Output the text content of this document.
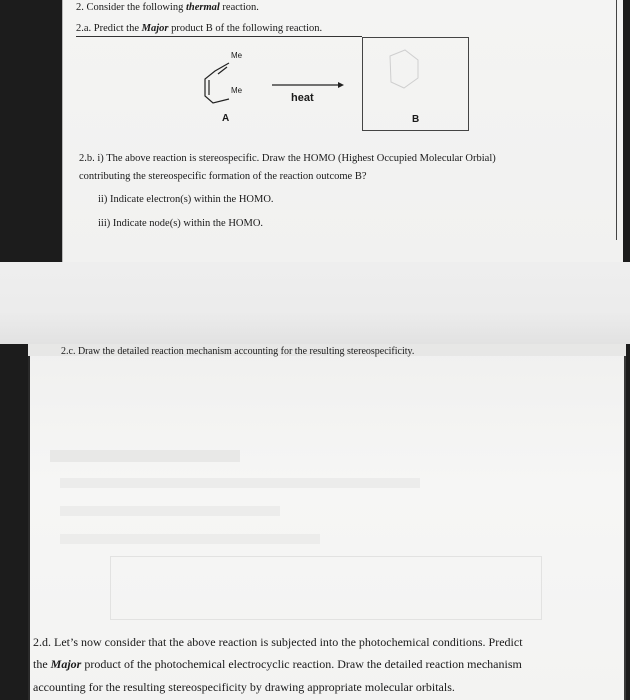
2. Consider the following thermal reaction.
2.a. Predict the Major product B of the following reaction.
Me
Me
heat
A	B
2.b. i) The above reaction is stereospecific. Draw the HOMO (Highest Occupied Molecular Orbial)
contributing the stereospecific formation of the reaction outcome B?
ii) Indicate electron(s) within the HOMO.
iii) Indicate node(s) within the HOMO.
2.c. Draw the detailed reaction mechanism accounting for the resulting stereospecificity.
2.d. Let’s now consider that the above reaction is subjected into the photochemical conditions. Predict
the Major product of the photochemical electrocyclic reaction. Draw the detailed reaction mechanism
accounting for the resulting stereospecificity by drawing appropriate molecular orbitals.
